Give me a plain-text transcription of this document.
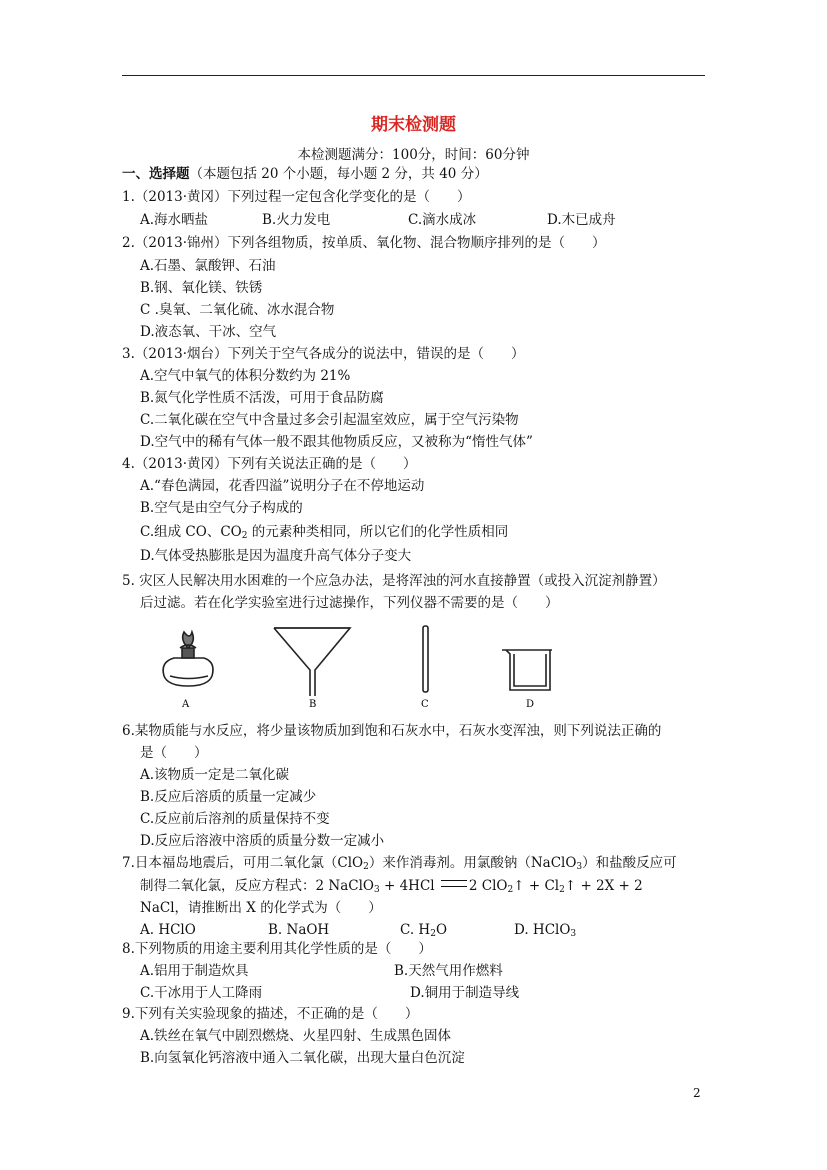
期末检测题
本检测题满分：100分，时间：60分钟
一、选择题（本题包括 20 个小题，每小题 2 分，共 40 分）
1.（2013·黄冈）下列过程一定包含化学变化的是（　　）
A.海水晒盐	B.火力发电	C.滴水成冰	D.木已成舟
2.（2013·锦州）下列各组物质，按单质、氧化物、混合物顺序排列的是（　　）
A.石墨、氯酸钾、石油
B.钢、氧化镁、铁锈
C .臭氧、二氧化硫、冰水混合物
D.液态氧、干冰、空气
3.（2013·烟台）下列关于空气各成分的说法中，错误的是（　　）
A.空气中氧气的体积分数约为 21%
B.氮气化学性质不活泼，可用于食品防腐
C.二氧化碳在空气中含量过多会引起温室效应，属于空气污染物
D.空气中的稀有气体一般不跟其他物质反应，又被称为“惰性气体”
4.（2013·黄冈）下列有关说法正确的是（　　）
A.“春色满园，花香四溢”说明分子在不停地运动
B.空气是由空气分子构成的
C.组成 CO、$CO_2$ 的元素种类相同，所以它们的化学性质相同
D.气体受热膨胀是因为温度升高气体分子变大
5. 灾区人民解决用水困难的一个应急办法，是将浑浊的河水直接静置（或投入沉淀剂静置）
后过滤。若在化学实验室进行过滤操作，下列仪器不需要的是（　　）
A	B	C	D
6.某物质能与水反应，将少量该物质加到饱和石灰水中，石灰水变浑浊，则下列说法正确的
是（　　）
A.该物质一定是二氧化碳
B.反应后溶质的质量一定减少
C.反应前后溶剂的质量保持不变
D.反应后溶液中溶质的质量分数一定减小
7.日本福岛地震后，可用二氧化氯（ClO$_2$）来作消毒剂。用氯酸钠（NaClO$_3$）和盐酸反应可
制得二氧化氯，反应方程式：2 NaClO$_3$ + 4HCl 2 ClO$_2$↑ + $Cl_2↑ + 2X + 2$
NaCl，请推断出 X 的化学式为（　　）
A. HClO	B. NaOH	C. $H_2O$	D. HClO$_3$
8.下列物质的用途主要利用其化学性质的是（　　）
A.铝用于制造炊具	B.天然气用作燃料
C.干冰用于人工降雨	D.铜用于制造导线
9.下列有关实验现象的描述，不正确的是（　　）
A.铁丝在氧气中剧烈燃烧、火星四射、生成黑色固体
B.向氢氧化钙溶液中通入二氧化碳，出现大量白色沉淀
2
